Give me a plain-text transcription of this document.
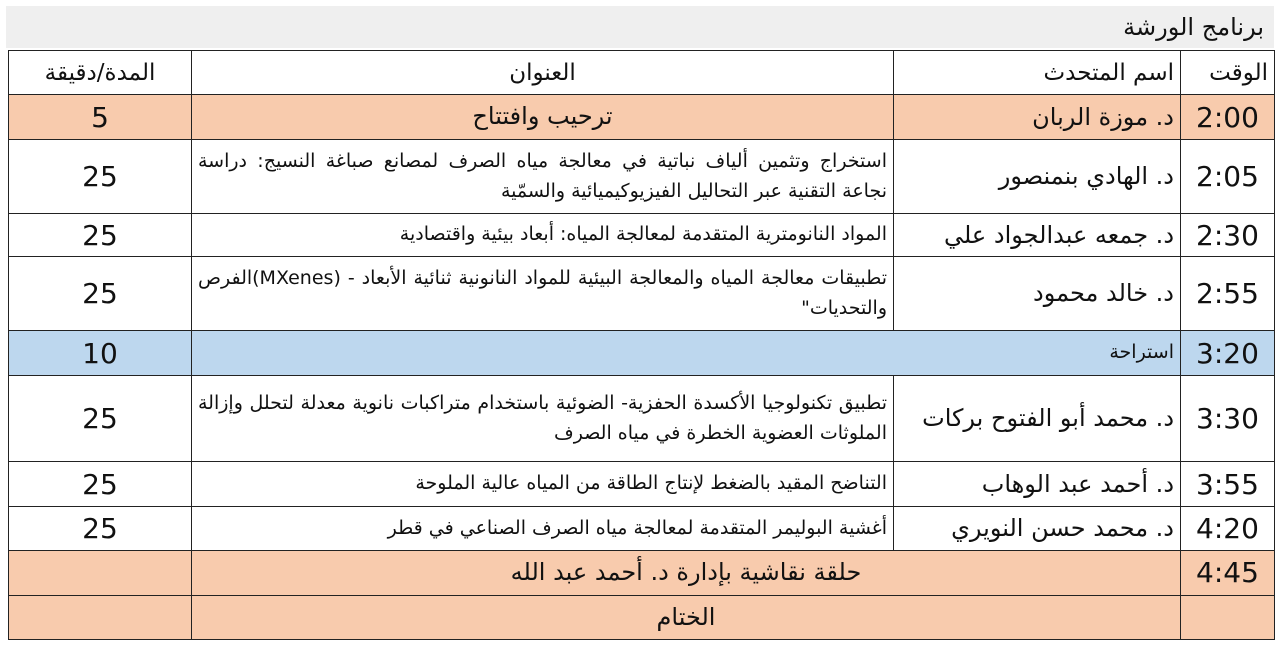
برنامج الورشة
الوقت	اسم المتحدث	العنوان	المدة/دقيقة
2:00	د. موزة الربان	ترحيب وافتتاح	5
2:05	د. الهادي بنمنصور	استخراج وتثمين ألياف نباتية في معالجة مياه الصرف لمصانع صباغة النسيج: دراسة نجاعة التقنية عبر التحاليل الفيزيوكيميائية والسمّية	25
2:30	د. جمعه عبدالجواد علي	المواد النانومترية المتقدمة لمعالجة المياه: أبعاد بيئية واقتصادية	25
2:55	د. خالد محمود	تطبيقات معالجة المياه والمعالجة البيئية للمواد النانونية ثنائية الأبعاد - (MXenes)الفرص والتحديات"	25
3:20	استراحة		10
3:30	د. محمد أبو الفتوح بركات	تطبيق تكنولوجيا الأكسدة الحفزية- الضوئية باستخدام متراكبات نانوية معدلة لتحلل وإزالة الملوثات العضوية الخطرة في مياه الصرف	25
3:55	د. أحمد عبد الوهاب	التناضح المقيد بالضغط لإنتاج الطاقة من المياه عالية الملوحة	25
4:20	د. محمد حسن النويري	أغشية البوليمر المتقدمة لمعالجة مياه الصرف الصناعي في قطر	25
4:45	حلقة نقاشية بإدارة د. أحمد عبد الله		
	الختام		
